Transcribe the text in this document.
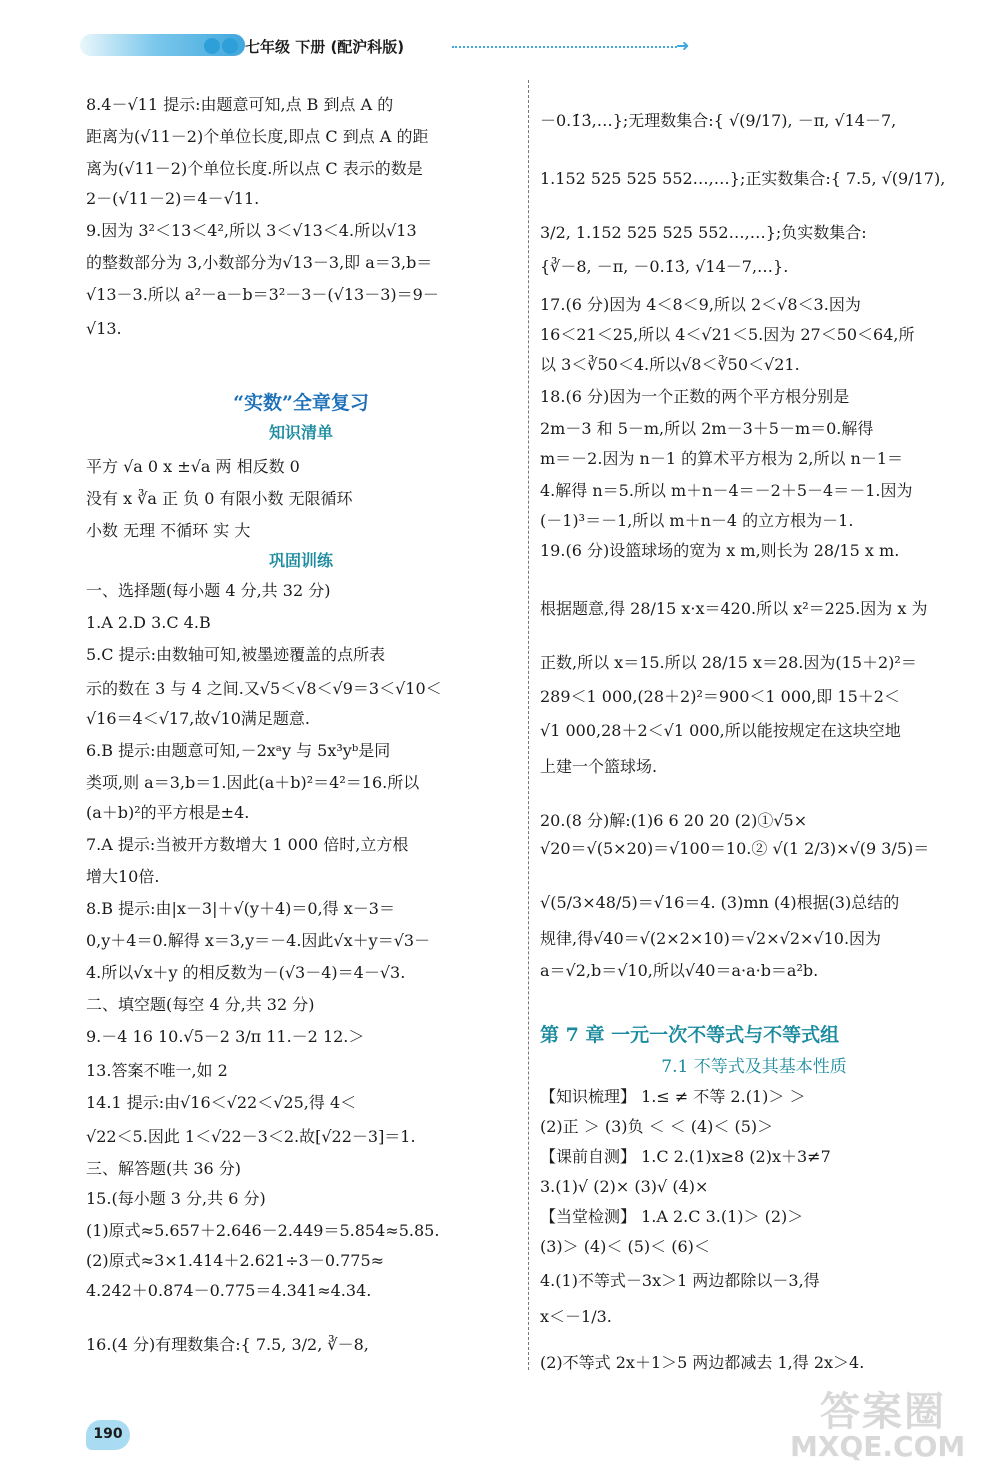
七年级 下册 (配沪科版)	➜
8.4－√11 提示:由题意可知,点 B 到点 A 的
距离为(√11－2)个单位长度,即点 C 到点 A 的距
离为(√11－2)个单位长度.所以点 C 表示的数是
2－(√11－2)＝4－√11.
9.因为 3²＜13＜4²,所以 3＜√13＜4.所以√13
的整数部分为 3,小数部分为√13－3,即 a＝3,b＝
√13－3.所以 a²－a－b＝3²－3－(√13－3)＝9－
√13.
“实数”全章复习
知识清单
平方 √a 0 x ±√a 两 相反数 0
没有 x ∛a 正 负 0 有限小数 无限循环
小数 无理 不循环 实 大
巩固训练
一、选择题(每小题 4 分,共 32 分)
1.A 2.D 3.C 4.B
5.C 提示:由数轴可知,被墨迹覆盖的点所表
示的数在 3 与 4 之间.又√5＜√8＜√9＝3＜√10＜
√16＝4＜√17,故√10满足题意.
6.B 提示:由题意可知,－2xᵃy 与 5x³yᵇ是同
类项,则 a＝3,b＝1.因此(a＋b)²＝4²＝16.所以
(a＋b)²的平方根是±4.
7.A 提示:当被开方数增大 1 000 倍时,立方根
增大10倍.
8.B 提示:由|x－3|＋√(y＋4)＝0,得 x－3＝
0,y＋4＝0.解得 x＝3,y＝－4.因此√x＋y＝√3－
4.所以√x＋y 的相反数为－(√3－4)＝4－√3.
二、填空题(每空 4 分,共 32 分)
9.－4 16 10.√5－2 3/π 11.－2 12.＞
13.答案不唯一,如 2
14.1 提示:由√16＜√22＜√25,得 4＜
√22＜5.因此 1＜√22－3＜2.故[√22－3]＝1.
三、解答题(共 36 分)
15.(每小题 3 分,共 6 分)
(1)原式≈5.657＋2.646－2.449＝5.854≈5.85.
(2)原式≈3×1.414＋2.621÷3－0.775≈
4.242＋0.874－0.775＝4.341≈4.34.
16.(4 分)有理数集合:{ 7.5, 3/2, ∛－8,
－0.1̇3̇,…};无理数集合:{ √(9/17), －π, √14－7,
1.152 525 525 552…,…};正实数集合:{ 7.5, √(9/17),
3/2, 1.152 525 525 552…,…};负实数集合:
{∛－8, －π, －0.1̇3̇, √14－7,…}.
17.(6 分)因为 4＜8＜9,所以 2＜√8＜3.因为
16＜21＜25,所以 4＜√21＜5.因为 27＜50＜64,所
以 3＜∛50＜4.所以√8＜∛50＜√21.
18.(6 分)因为一个正数的两个平方根分别是
2m－3 和 5－m,所以 2m－3＋5－m＝0.解得
m＝－2.因为 n－1 的算术平方根为 2,所以 n－1＝
4.解得 n＝5.所以 m＋n－4＝－2＋5－4＝－1.因为
(－1)³＝－1,所以 m＋n－4 的立方根为－1.
19.(6 分)设篮球场的宽为 x m,则长为 28/15 x m.
根据题意,得 28/15 x·x＝420.所以 x²＝225.因为 x 为
正数,所以 x＝15.所以 28/15 x＝28.因为(15＋2)²＝
289＜1 000,(28＋2)²＝900＜1 000,即 15＋2＜
√1 000,28＋2＜√1 000,所以能按规定在这块空地
上建一个篮球场.
20.(8 分)解:(1)6 6 20 20 (2)①√5×
√20＝√(5×20)＝√100＝10.② √(1 2/3)×√(9 3/5)＝
√(5/3×48/5)＝√16＝4. (3)mn (4)根据(3)总结的
规律,得√40＝√(2×2×10)＝√2×√2×√10.因为
a＝√2,b＝√10,所以√40＝a·a·b＝a²b.
第 7 章 一元一次不等式与不等式组
7.1 不等式及其基本性质
【知识梳理】 1.≤ ≠ 不等 2.(1)＞ ＞
(2)正 ＞ (3)负 ＜ ＜ (4)＜ (5)＞
【课前自测】 1.C 2.(1)x≥8 (2)x＋3≠7
3.(1)√ (2)× (3)√ (4)×
【当堂检测】 1.A 2.C 3.(1)＞ (2)＞
(3)＞ (4)＜ (5)＜ (6)＜
4.(1)不等式－3x＞1 两边都除以－3,得
x＜－1/3.
(2)不等式 2x＋1＞5 两边都减去 1,得 2x＞4.
190	答案圈
MXQE.COM
